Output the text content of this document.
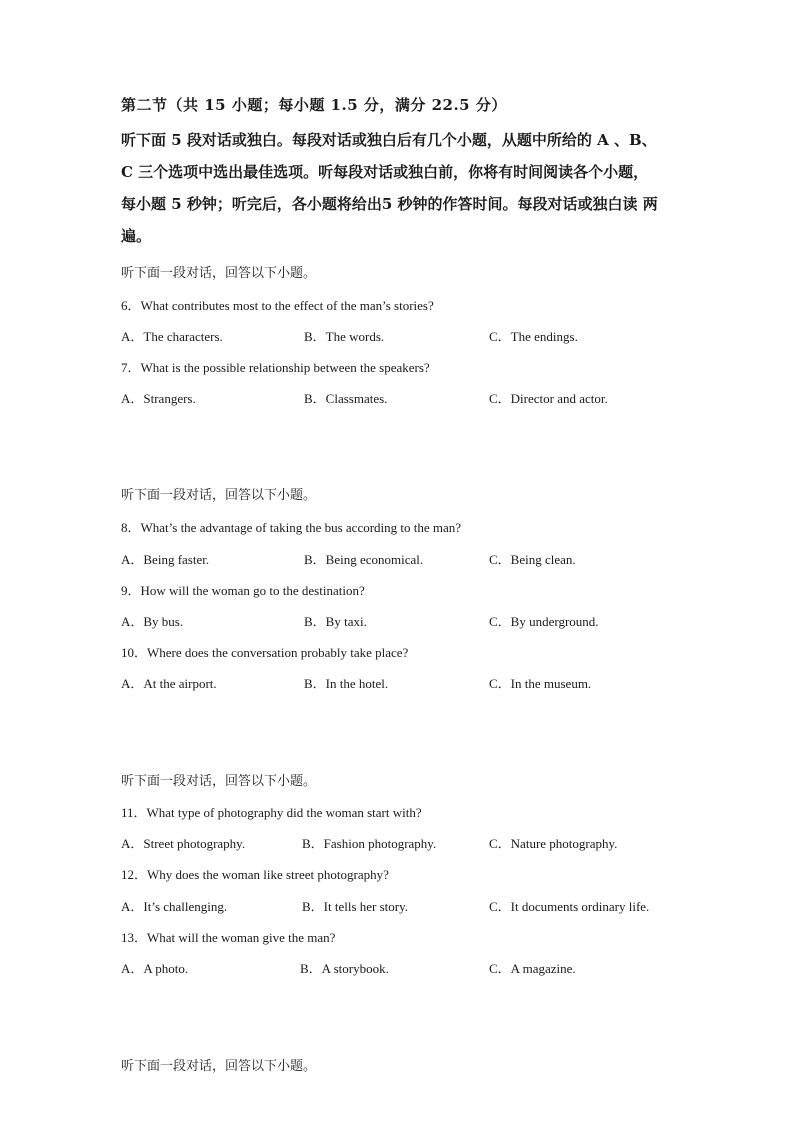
第二节（共 15 小题；每小题 1.5 分，满分 22.5 分）
听下面 5 段对话或独白。每段对话或独白后有几个小题，从题中所给的 A 、B、
C 三个选项中选出最佳选项。听每段对话或独白前，你将有时间阅读各个小题，
每小题 5 秒钟；听完后，各小题将给出5 秒钟的作答时间。每段对话或独白读 两
遍。
听下面一段对话，回答以下小题。
6．What contributes most to the effect of the man’s stories?
A．The characters.	B．The words.	C．The endings.
7．What is the possible relationship between the speakers?
A．Strangers.	B．Classmates.	C．Director and actor.
听下面一段对话，回答以下小题。
8．What’s the advantage of taking the bus according to the man?
A．Being faster.	B．Being economical.	C．Being clean.
9．How will the woman go to the destination?
A．By bus.	B．By taxi.	C．By underground.
10．Where does the conversation probably take place?
A．At the airport.	B．In the hotel.	C．In the museum.
听下面一段对话，回答以下小题。
11．What type of photography did the woman start with?
A．Street photography.	B．Fashion photography.	C．Nature photography.
12．Why does the woman like street photography?
A．It’s challenging.	B．It tells her story.	C．It documents ordinary life.
13．What will the woman give the man?
A．A photo.	B．A storybook.	C．A magazine.
听下面一段对话，回答以下小题。
